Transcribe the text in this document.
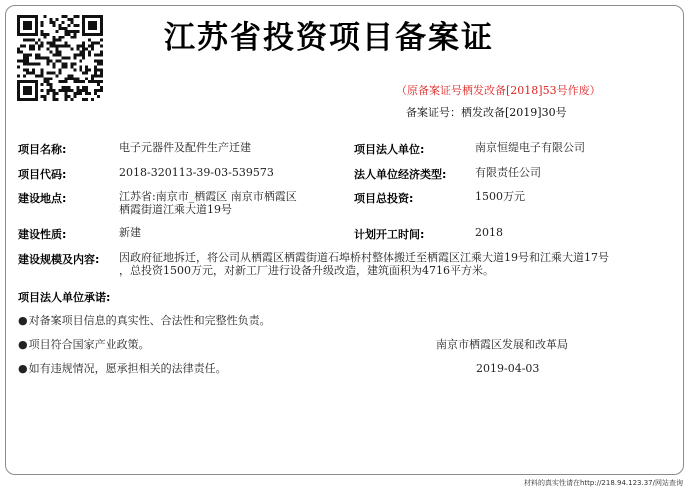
江苏省投资项目备案证
（原备案证号栖发改备[2018]53号作废）
备案证号：栖发改备[2019]30号
项目名称:	电子元器件及配件生产迁建
项目代码:	2018-320113-39-03-539573
建设地点:	江苏省:南京市_栖霞区 南京市栖霞区
栖霞街道江乘大道19号
建设性质:	新建
建设规模及内容: 因政府征地拆迁，将公司从栖霞区栖霞街道石埠桥村整体搬迁至栖霞区江乘大道19号和江乘大道17号
，总投资1500万元，对新工厂进行设备升级改造，建筑面积为4716平方米。
项目法人单位:	南京恒缇电子有限公司
法人单位经济类型:	有限责任公司
项目总投资:	1500万元
计划开工时间:	2018
项目法人单位承诺:
●对备案项目信息的真实性、合法性和完整性负责。
●项目符合国家产业政策。
●如有违规情况，愿承担相关的法律责任。
南京市栖霞区发展和改革局
2019-04-03
材料的真实性请在http://218.94.123.37/网站查询
